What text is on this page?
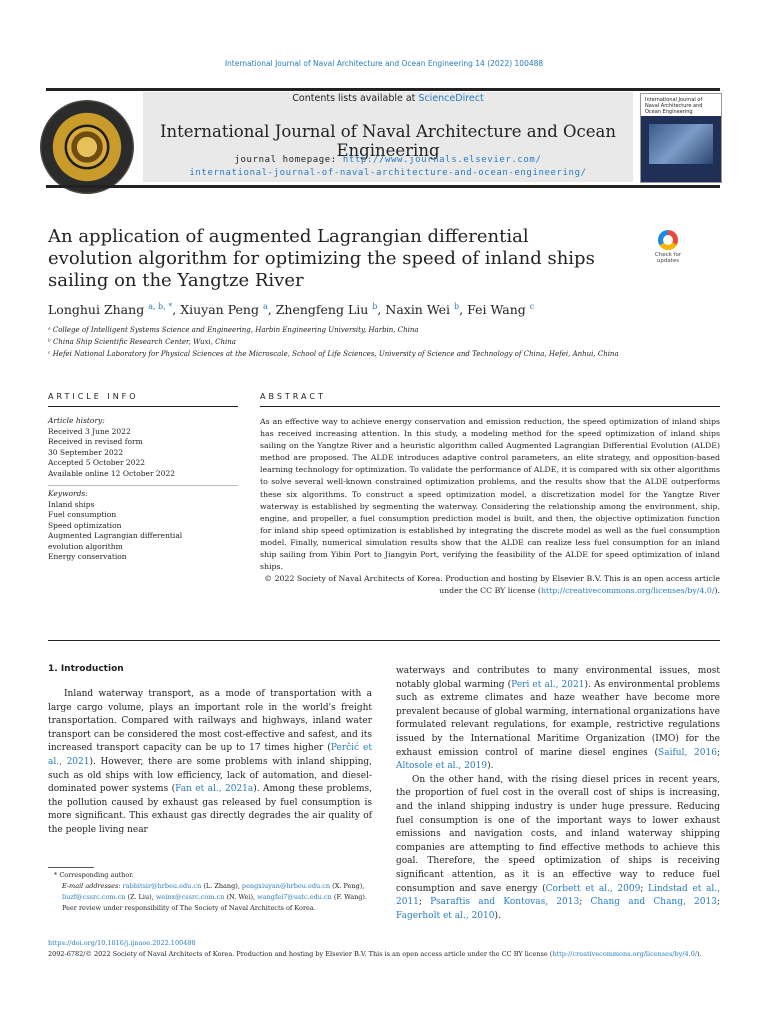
International Journal of Naval Architecture and Ocean Engineering 14 (2022) 100488
Contents lists available at ScienceDirect
International Journal of Naval Architecture and Ocean Engineering
journal homepage: http://www.journals.elsevier.com/
international-journal-of-naval-architecture-and-ocean-engineering/
International Journal of Naval Architecture and Ocean Engineering
An application of augmented Lagrangian differential evolution algorithm for optimizing the speed of inland ships sailing on the Yangtze River
Check for updates
Longhui Zhang $^{a, b, *}$, Xiuyan Peng $^a$, Zhengfeng Liu $^b$, Naxin Wei $^b$, Fei Wang $^c$
ᵃ College of Intelligent Systems Science and Engineering, Harbin Engineering University, Harbin, China
ᵇ China Ship Scientific Research Center, Wuxi, China
ᶜ Hefei National Laboratory for Physical Sciences at the Microscale, School of Life Sciences, University of Science and Technology of China, Hefei, Anhui, China
ARTICLE INFO	ABSTRACT
Article history:
Received 3 June 2022
Received in revised form
30 September 2022
Accepted 5 October 2022
Available online 12 October 2022
Keywords:
Inland ships
Fuel consumption
Speed optimization
Augmented Lagrangian differential
evolution algorithm
Energy conservation
As an effective way to achieve energy conservation and emission reduction, the speed optimization of inland ships has received increasing attention. In this study, a modeling method for the speed optimization of inland ships sailing on the Yangtze River and a heuristic algorithm called Augmented Lagrangian Differential Evolution (ALDE) method are proposed. The ALDE introduces adaptive control parameters, an elite strategy, and opposition-based learning technology for optimization. To validate the performance of ALDE, it is compared with six other algorithms to solve several well-known constrained optimization problems, and the results show that the ALDE outperforms these six algorithms. To construct a speed optimization model, a discretization model for the Yangtze River waterway is established by segmenting the waterway. Considering the relationship among the environment, ship, engine, and propeller, a fuel consumption prediction model is built, and then, the objective optimization function for inland ship speed optimization is established by integrating the discrete model as well as the fuel consumption model. Finally, numerical simulation results show that the ALDE can realize less fuel consumption for an inland ship sailing from Yibin Port to Jiangyin Port, verifying the feasibility of the ALDE for speed optimization of inland ships.
© 2022 Society of Naval Architects of Korea. Production and hosting by Elsevier B.V. This is an open access article under the CC BY license (http://creativecommons.org/licenses/by/4.0/).
1. Introduction
Inland waterway transport, as a mode of transportation with a large cargo volume, plays an important role in the world's freight transportation. Compared with railways and highways, inland water transport can be considered the most cost-effective and safest, and its increased transport capacity can be up to 17 times higher (Perčić et al., 2021). However, there are some problems with inland shipping, such as old ships with low efficiency, lack of automation, and diesel-dominated power systems (Fan et al., 2021a). Among these problems, the pollution caused by exhaust gas released by fuel consumption is more significant. This exhaust gas directly degrades the air quality of the people living near
waterways and contributes to many environmental issues, most notably global warming (Peri et al., 2021). As environmental problems such as extreme climates and haze weather have become more prevalent because of global warming, international organizations have formulated relevant regulations, for example, restrictive regulations issued by the International Maritime Organization (IMO) for the exhaust emission control of marine diesel engines (Saiful, 2016; Altosole et al., 2019).
On the other hand, with the rising diesel prices in recent years, the proportion of fuel cost in the overall cost of ships is increasing, and the inland shipping industry is under huge pressure. Reducing fuel consumption is one of the important ways to lower exhaust emissions and navigation costs, and inland waterway shipping companies are attempting to find effective methods to achieve this goal. Therefore, the speed optimization of ships is receiving significant attention, as it is an effective way to reduce fuel consumption and save energy (Corbett et al., 2009; Lindstad et al., 2011; Psaraftis and Kontovas, 2013; Chang and Chang, 2013; Fagerholt et al., 2010).
* Corresponding author.
E-mail addresses: rabbitsir@hrbeu.edu.cn (L. Zhang), pengxiuyan@hrbeu.edu.cn (X. Peng), liuzf@cssrc.com.cn (Z. Liu), weinx@cssrc.com.cn (N. Wei), wangfei7@ustc.edu.cn (F. Wang).
Peer review under responsibility of The Society of Naval Architects of Korea.
https://doi.org/10.1016/j.ijnaoe.2022.100488
2092-6782/© 2022 Society of Naval Architects of Korea. Production and hosting by Elsevier B.V. This is an open access article under the CC BY license (http://creativecommons.org/licenses/by/4.0/).
